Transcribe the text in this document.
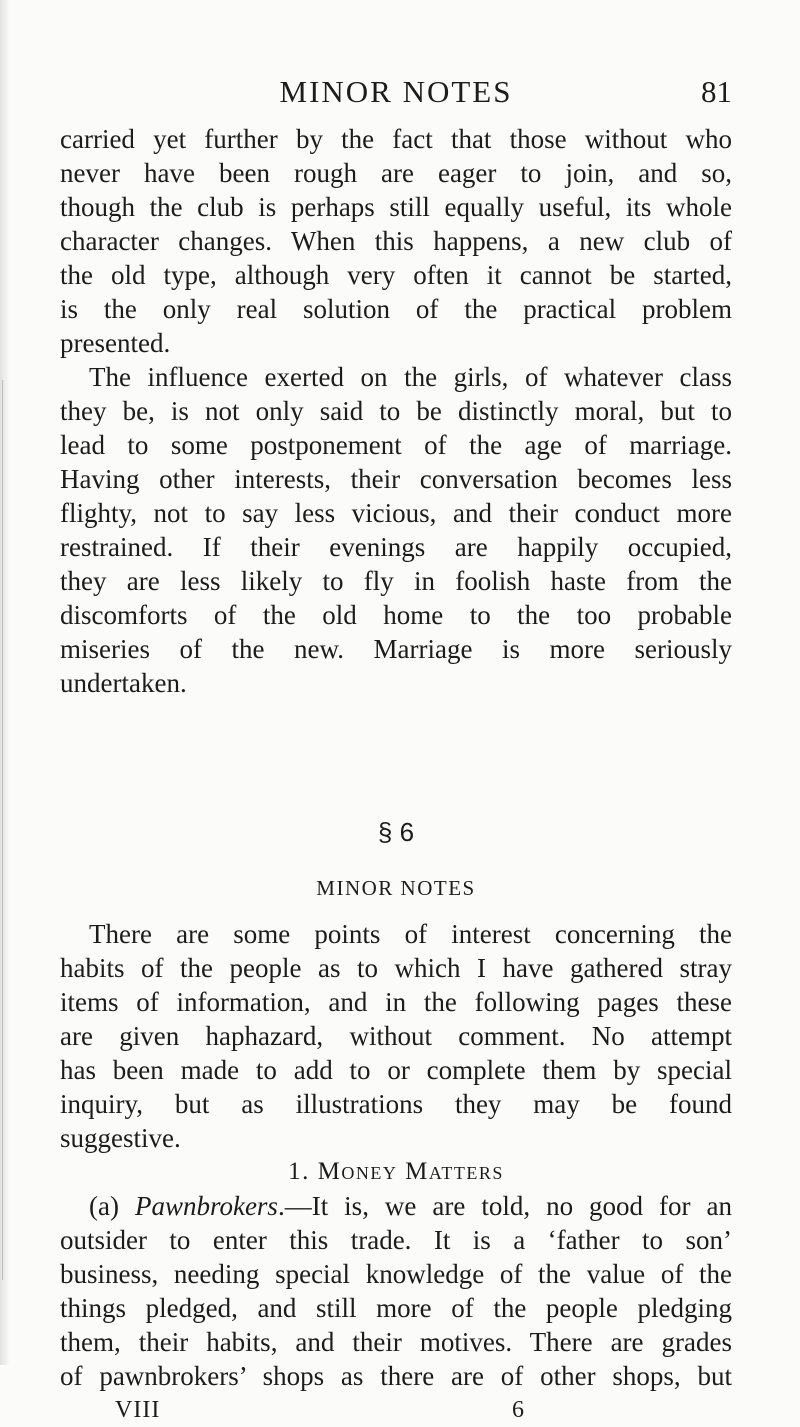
MINOR NOTES	81
carried yet further by the fact that those without who
never have been rough are eager to join, and so,
though the club is perhaps still equally useful, its whole
character changes. When this happens, a new club of
the old type, although very often it cannot be started,
is the only real solution of the practical problem
presented.
The influence exerted on the girls, of whatever class
they be, is not only said to be distinctly moral, but to
lead to some postponement of the age of marriage.
Having other interests, their conversation becomes less
flighty, not to say less vicious, and their conduct more
restrained. If their evenings are happily occupied,
they are less likely to fly in foolish haste from the
discomforts of the old home to the too probable
miseries of the new. Marriage is more seriously
undertaken.
§ 6
MINOR NOTES
There are some points of interest concerning the
habits of the people as to which I have gathered stray
items of information, and in the following pages these
are given haphazard, without comment. No attempt
has been made to add to or complete them by special
inquiry, but as illustrations they may be found
suggestive.
1. Money Matters
(a) Pawnbrokers.—It is, we are told, no good for an
outsider to enter this trade. It is a ‘father to son’
business, needing special knowledge of the value of the
things pledged, and still more of the people pledging
them, their habits, and their motives. There are grades
of pawnbrokers’ shops as there are of other shops, but
VIII	6
